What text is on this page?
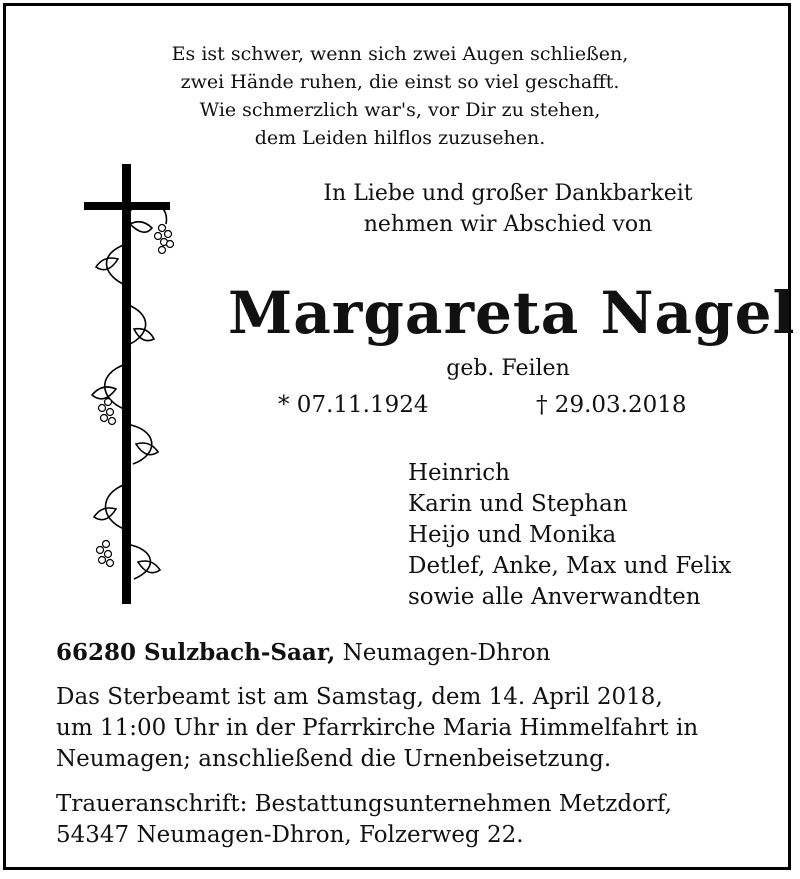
Es ist schwer, wenn sich zwei Augen schließen,
zwei Hände ruhen, die einst so viel geschafft.
Wie schmerzlich war's, vor Dir zu stehen,
dem Leiden hilflos zuzusehen.
In Liebe und großer Dankbarkeit
nehmen wir Abschied von
Margareta Nagel
geb. Feilen
* 07.11.1924	† 29.03.2018
Heinrich
Karin und Stephan
Heijo und Monika
Detlef, Anke, Max und Felix
sowie alle Anverwandten
66280 Sulzbach-Saar, Neumagen-Dhron
Das Sterbeamt ist am Samstag, dem 14. April 2018,
um 11:00 Uhr in der Pfarrkirche Maria Himmelfahrt in
Neumagen; anschließend die Urnenbeisetzung.
Traueranschrift: Bestattungsunternehmen Metzdorf,
54347 Neumagen-Dhron, Folzerweg 22.
